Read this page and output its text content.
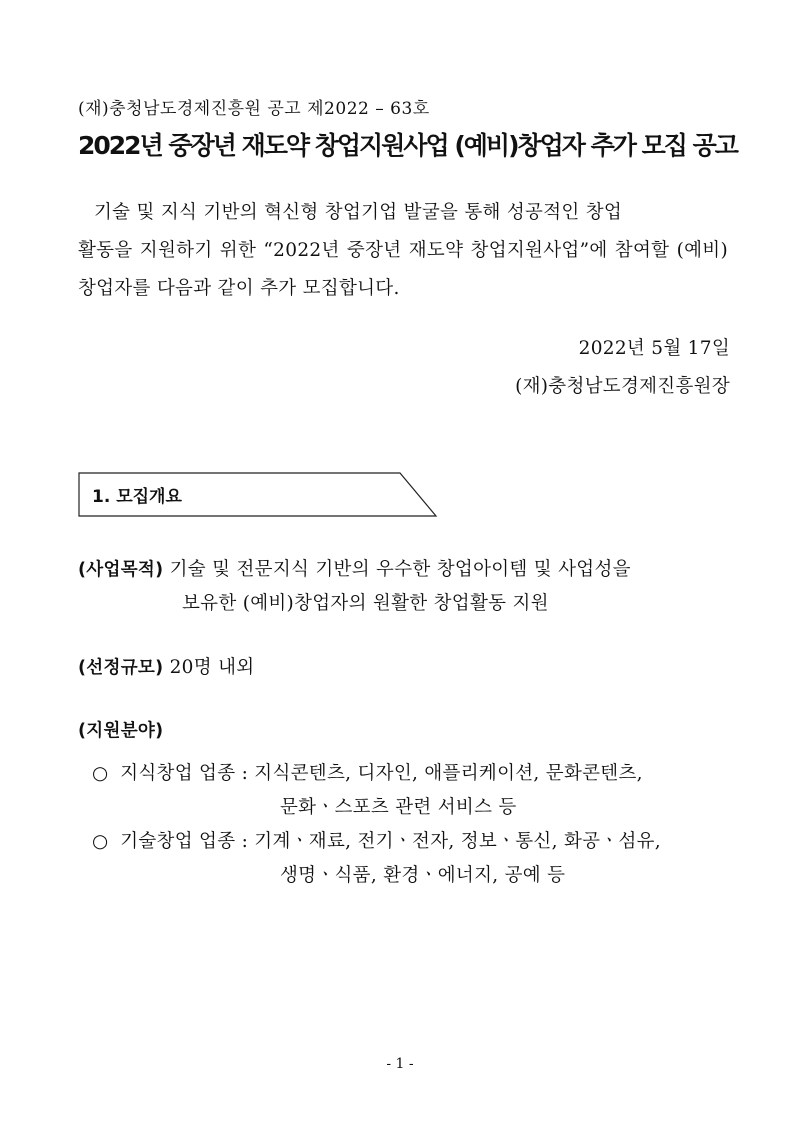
(재)충청남도경제진흥원 공고 제2022 – 63호
2022년 중장년 재도약 창업지원사업 (예비)창업자 추가 모집 공고
기술 및 지식 기반의 혁신형 창업기업 발굴을 통해 성공적인 창업
활동을 지원하기 위한 “2022년 중장년 재도약 창업지원사업”에 참여할 (예비)창업자를 다음과 같이 추가 모집합니다.
2022년 5월 17일
(재)충청남도경제진흥원장
1. 모집개요
(사업목적) 기술 및 전문지식 기반의 우수한 창업아이템 및 사업성을
보유한 (예비)창업자의 원활한 창업활동 지원
(선정규모) 20명 내외
(지원분야)
○ 지식창업 업종 : 지식콘텐츠, 디자인, 애플리케이션, 문화콘텐츠,
문화ㆍ스포츠 관련 서비스 등
○ 기술창업 업종 : 기계ㆍ재료, 전기ㆍ전자, 정보ㆍ통신, 화공ㆍ섬유,
생명ㆍ식품, 환경ㆍ에너지, 공예 등
- 1 -
